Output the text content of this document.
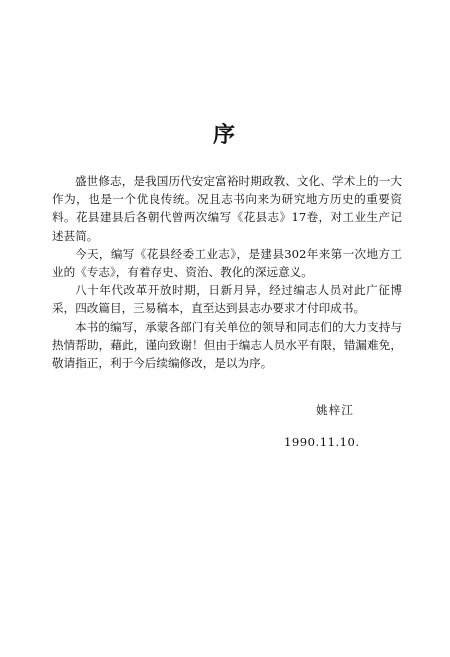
序

盛世修志，是我国历代安定富裕时期政教、文化、学术上的一大作为，也是一个优良传统。况且志书向来为研究地方历史的重要资料。花县建县后各朝代曾两次编写《花县志》17卷，对工业生产记述甚简。

今天，编写《花县经委工业志》，是建县302年来第一次地方工业的《专志》，有着存史、资治、教化的深远意义。

八十年代改革开放时期，日新月异，经过编志人员对此广征博采，四改篇目，三易稿本，直至达到县志办要求才付印成书。

本书的编写，承蒙各部门有关单位的领导和同志们的大力支持与热情帮助，藉此，谨向致谢！但由于编志人员水平有限，错漏难免，敬请指正，利于今后续编修改，是以为序。

姚梓江
1990.11.10.
